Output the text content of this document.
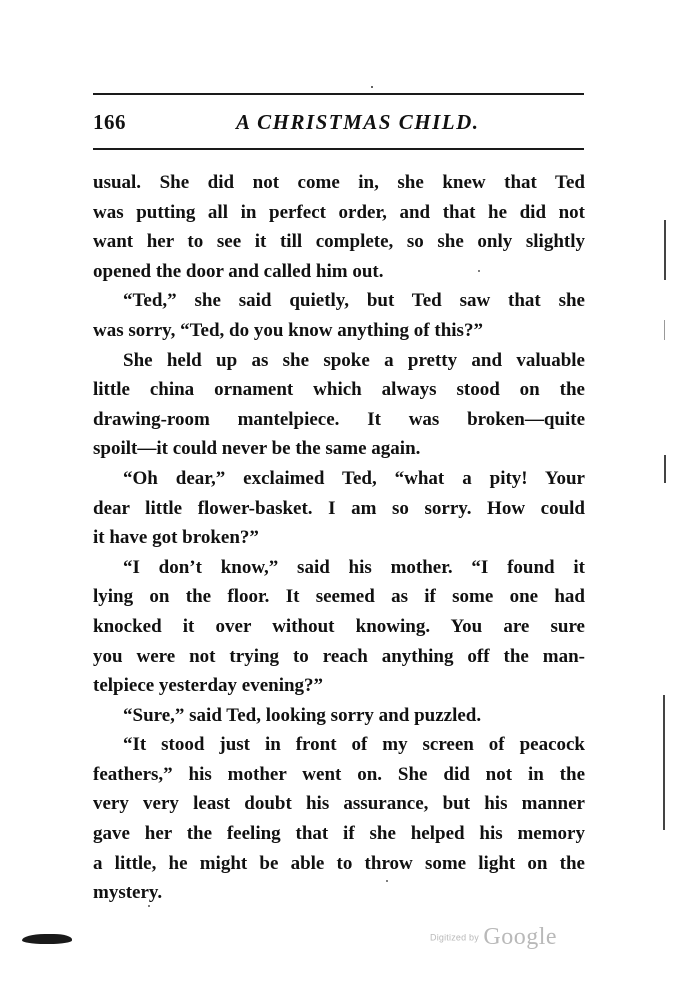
166	A CHRISTMAS CHILD.

usual. She did not come in, she knew that Ted
was putting all in perfect order, and that he did not
want her to see it till complete, so she only slightly
opened the door and called him out.

“Ted,” she said quietly, but Ted saw that she
was sorry, “Ted, do you know anything of this?”

She held up as she spoke a pretty and valuable
little china ornament which always stood on the
drawing-room mantelpiece. It was broken—quite
spoilt—it could never be the same again.

“Oh dear,” exclaimed Ted, “what a pity! Your
dear little flower-basket. I am so sorry. How could
it have got broken?”

“I don’t know,” said his mother. “I found it
lying on the floor. It seemed as if some one had
knocked it over without knowing. You are sure
you were not trying to reach anything off the man-
telpiece yesterday evening?”

“Sure,” said Ted, looking sorry and puzzled.

“It stood just in front of my screen of peacock
feathers,” his mother went on. She did not in the
very very least doubt his assurance, but his manner
gave her the feeling that if she helped his memory
a little, he might be able to throw some light on the
mystery.

Digitized by Google
